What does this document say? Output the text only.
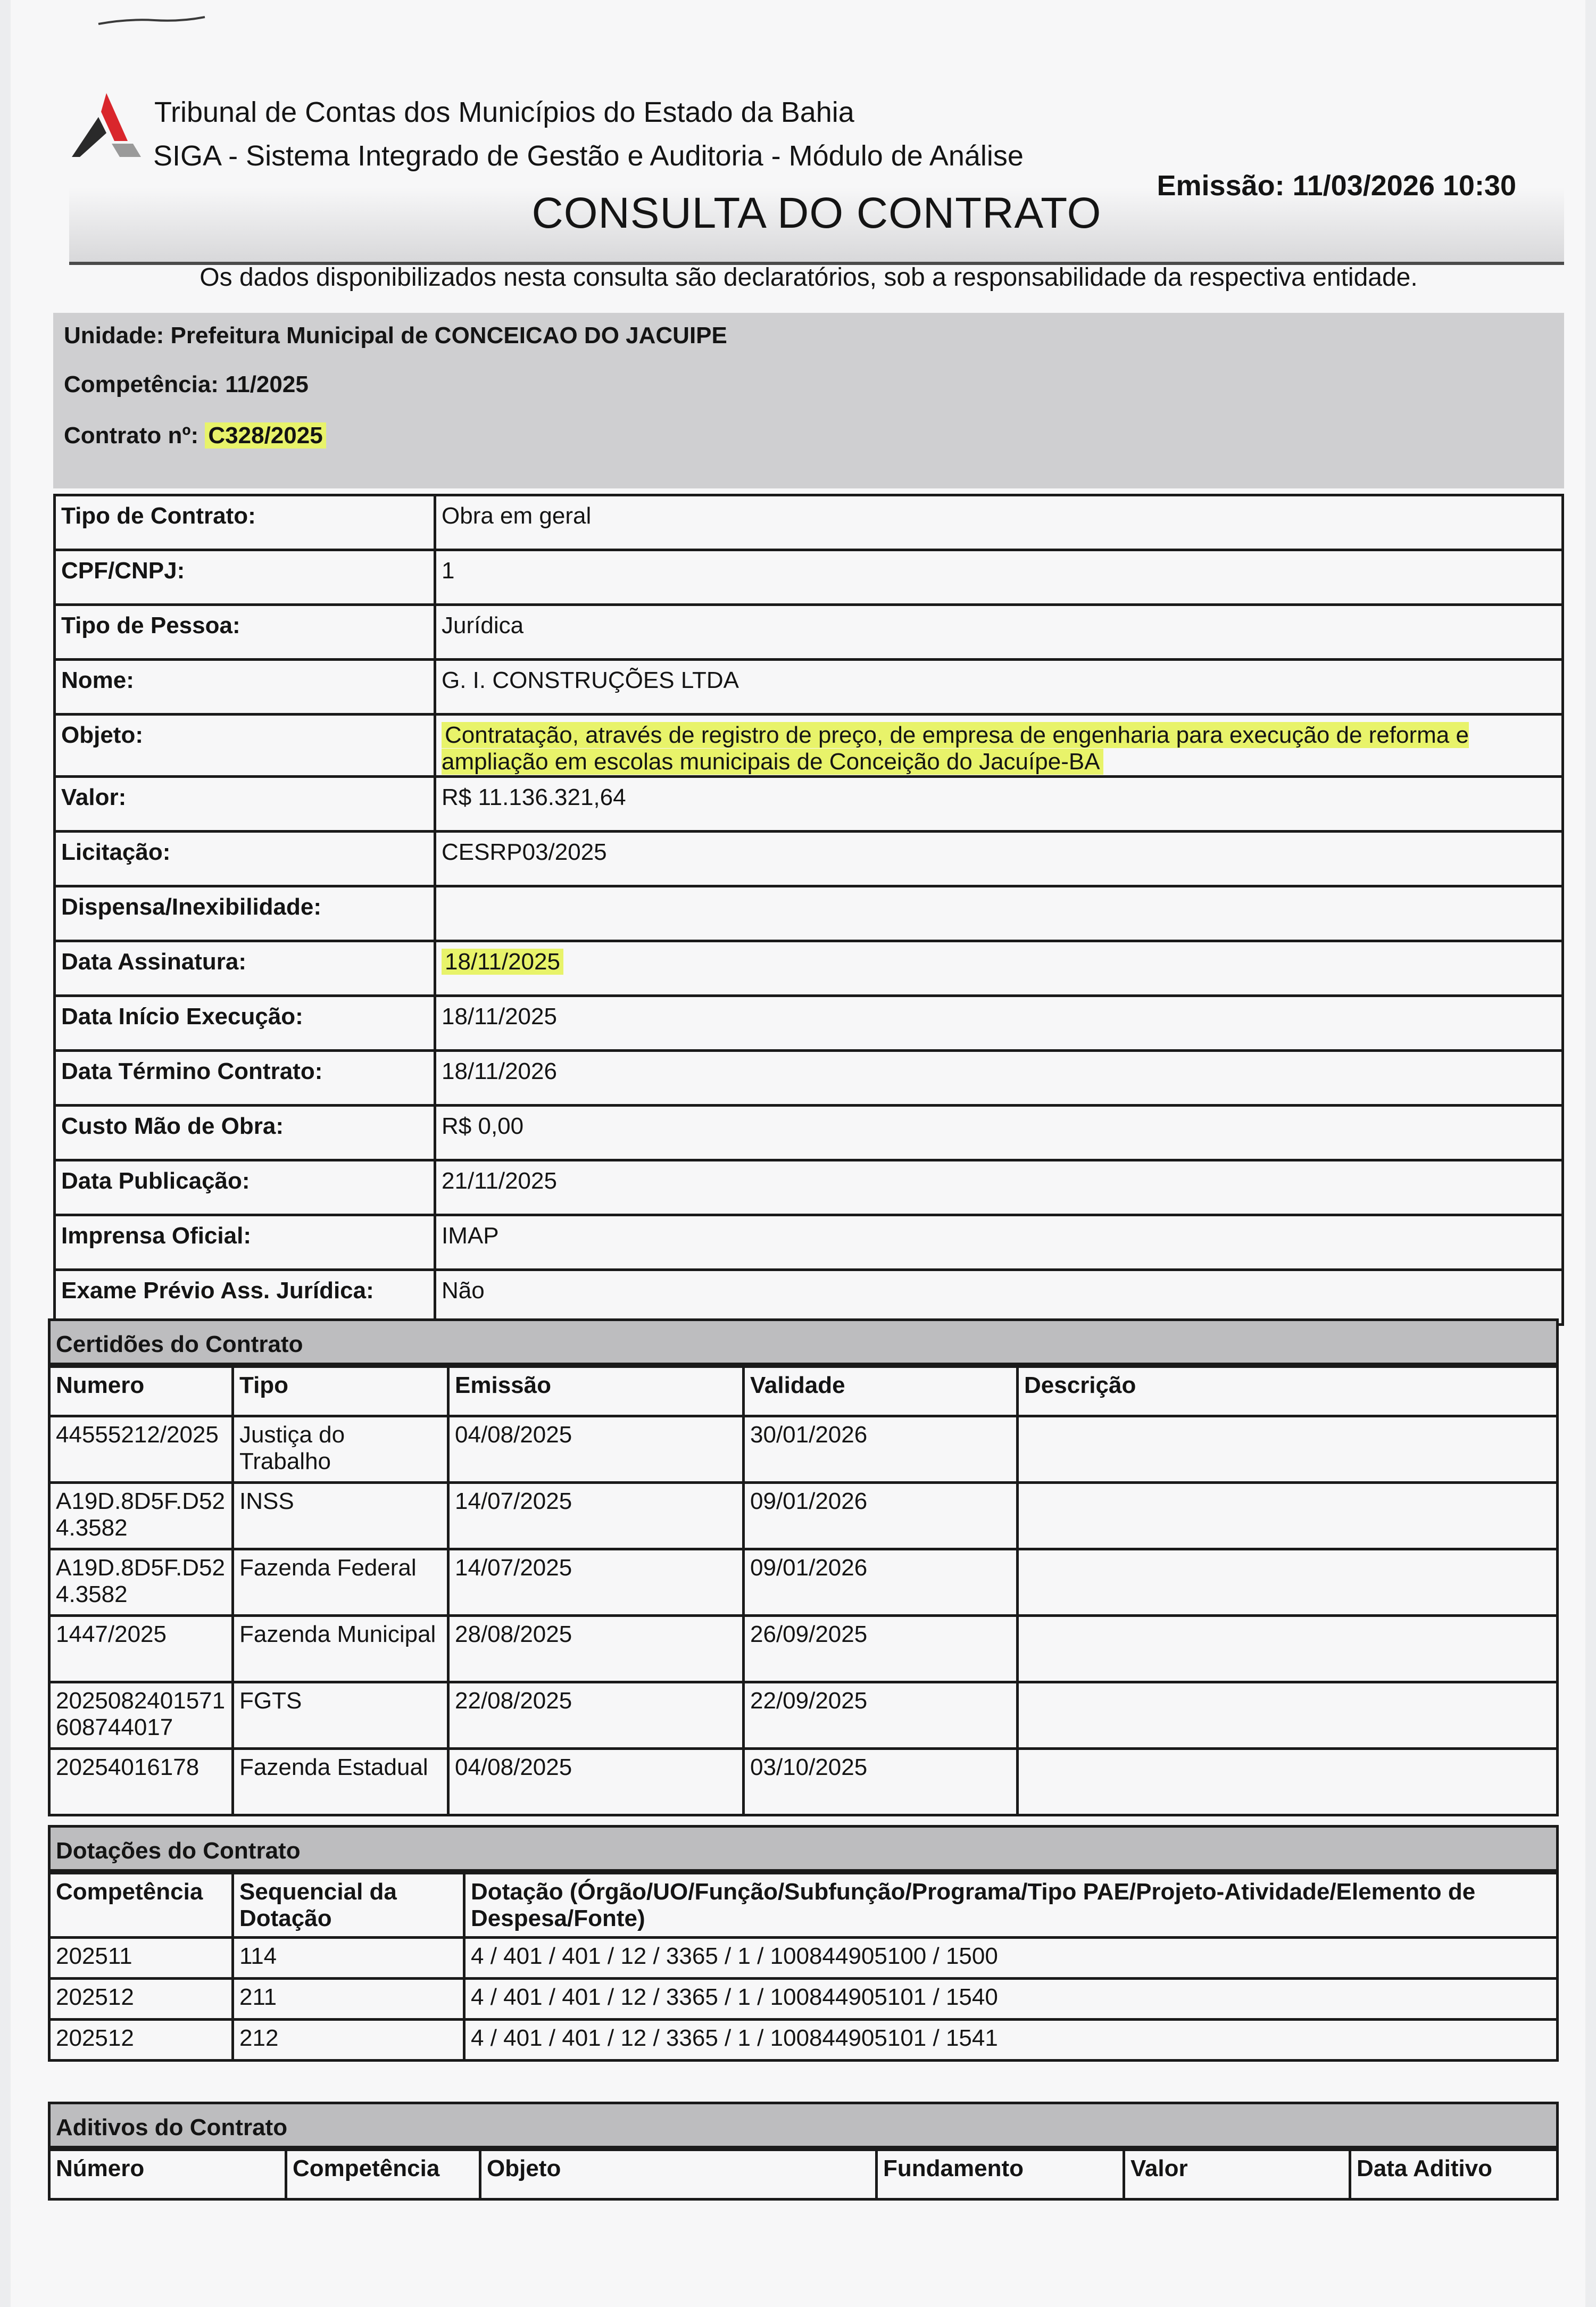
Tribunal de Contas dos Municípios do Estado da Bahia
SIGA - Sistema Integrado de Gestão e Auditoria - Módulo de Análise
CONSULTA DO CONTRATO
Emissão: 11/03/2026 10:30
Os dados disponibilizados nesta consulta são declaratórios, sob a responsabilidade da respectiva entidade.
Unidade: Prefeitura Municipal de CONCEICAO DO JACUIPE
Competência: 11/2025
Contrato nº: C328/2025
Tipo de Contrato:	Obra em geral
CPF/CNPJ:	1
Tipo de Pessoa:	Jurídica
Nome:	G. I. CONSTRUÇÕES LTDA
Objeto:	Contratação, através de registro de preço, de empresa de engenharia para execução de reforma e ampliação em escolas municipais de Conceição do Jacuípe-BA
Valor:	R$ 11.136.321,64
Licitação:	CESRP03/2025
Dispensa/Inexibilidade:	
Data Assinatura:	18/11/2025
Data Início Execução:	18/11/2025
Data Término Contrato:	18/11/2026
Custo Mão de Obra:	R$ 0,00
Data Publicação:	21/11/2025
Imprensa Oficial:	IMAP
Exame Prévio Ass. Jurídica:	Não
Certidões do Contrato
Numero	Tipo	Emissão	Validade	Descrição
44555212/2025	Justiça do Trabalho	04/08/2025	30/01/2026	
A19D.8D5F.D52 4.3582	INSS	14/07/2025	09/01/2026	
A19D.8D5F.D52 4.3582	Fazenda Federal	14/07/2025	09/01/2026	
1447/2025	Fazenda Municipal	28/08/2025	26/09/2025	
2025082401571 608744017	FGTS	22/08/2025	22/09/2025	
20254016178	Fazenda Estadual	04/08/2025	03/10/2025	
Dotações do Contrato
Competência	Sequencial da Dotação	Dotação (Órgão/UO/Função/Subfunção/Programa/Tipo PAE/Projeto-Atividade/Elemento de Despesa/Fonte)
202511	114	4 / 401 / 401 / 12 / 3365 / 1 / 100844905100 / 1500
202512	211	4 / 401 / 401 / 12 / 3365 / 1 / 100844905101 / 1540
202512	212	4 / 401 / 401 / 12 / 3365 / 1 / 100844905101 / 1541
Aditivos do Contrato
Número	Competência	Objeto	Fundamento	Valor	Data Aditivo
